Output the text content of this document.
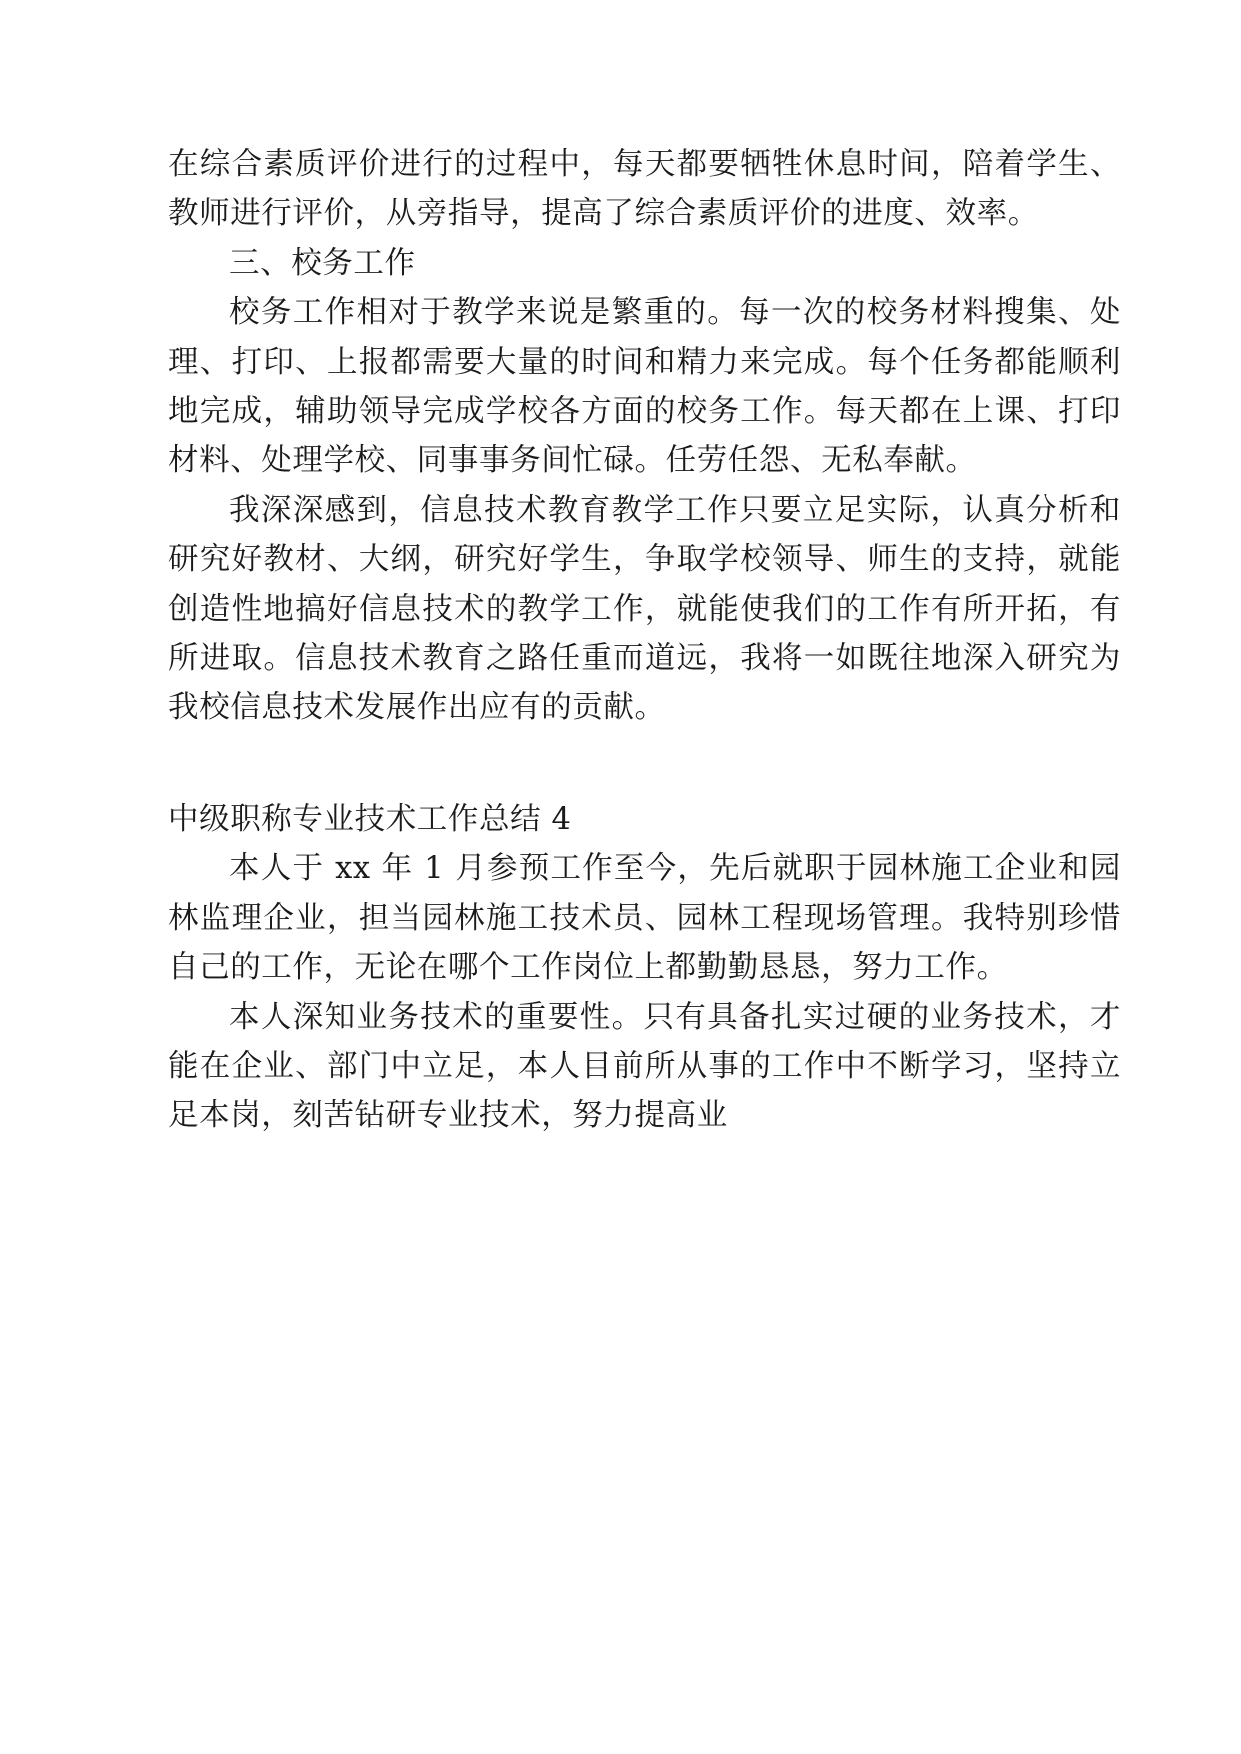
在综合素质评价进行的过程中，每天都要牺牲休息时间，陪着学生、教师进行评价，从旁指导，提高了综合素质评价的进度、效率。

三、校务工作

校务工作相对于教学来说是繁重的。每一次的校务材料搜集、处理、打印、上报都需要大量的时间和精力来完成。每个任务都能顺利地完成，辅助领导完成学校各方面的校务工作。每天都在上课、打印材料、处理学校、同事事务间忙碌。任劳任怨、无私奉献。

我深深感到，信息技术教育教学工作只要立足实际，认真分析和研究好教材、大纲，研究好学生，争取学校领导、师生的支持，就能创造性地搞好信息技术的教学工作，就能使我们的工作有所开拓，有所进取。信息技术教育之路任重而道远，我将一如既往地深入研究为我校信息技术发展作出应有的贡献。

中级职称专业技术工作总结 4

本人于 xx 年 1 月参预工作至今，先后就职于园林施工企业和园林监理企业，担当园林施工技术员、园林工程现场管理。我特别珍惜自己的工作，无论在哪个工作岗位上都勤勤恳恳，努力工作。

本人深知业务技术的重要性。只有具备扎实过硬的业务技术，才能在企业、部门中立足，本人目前所从事的工作中不断学习，坚持立足本岗，刻苦钻研专业技术，努力提高业
